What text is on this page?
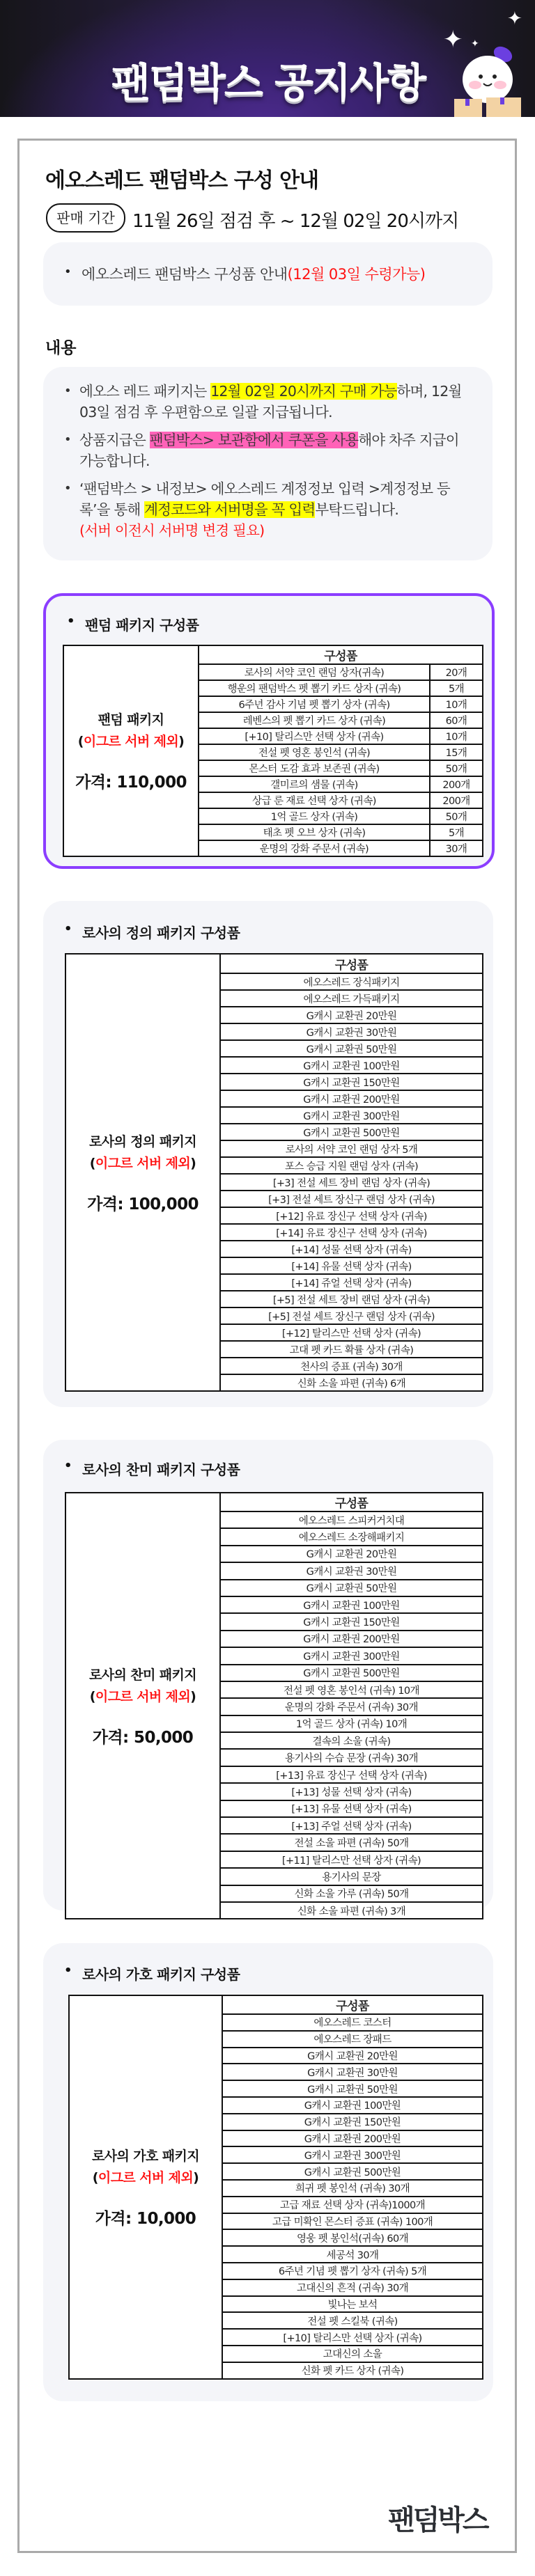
✦
✦ ✦
팬덤박스 공지사항
에오스레드 팬덤박스 구성 안내
판매 기간 11월 26일 점검 후 ~ 12월 02일 20시까지
• 에오스레드 팬덤박스 구성품 안내(12월 03일 수령가능)
내용
• 에오스 레드 패키지는 12월 02일 20시까지 구매 가능하며, 12월 03일 점검 후 우편함으로 일괄 지급됩니다.
• 상품지급은 팬덤박스> 보관함에서 쿠폰을 사용해야 차주 지급이 가능합니다.
• ‘팬덤박스 > 내정보> 에오스레드 계정정보 입력 >계정정보 등록’을 통해 계정코드와 서버명을 꼭 입력부탁드립니다.
(서버 이전시 서버명 변경 필요)
• 팬덤 패키지 구성품
팬덤 패키지
(이그르 서버 제외)
가격: 110,000	구성품	
	로사의 서약 코인 랜덤 상자(귀속)	20개
	행운의 팬덤박스 펫 뽑기 카드 상자 (귀속)	5개
	6주년 감사 기념 펫 뽑기 상자 (귀속)	10개
	레벤스의 펫 뽑기 카드 상자 (귀속)	60개
	[+10] 탈리스만 선택 상자 (귀속)	10개
	전설 펫 영혼 봉인석 (귀속)	15개
	몬스터 도감 효과 보존권 (귀속)	50개
	갤미르의 샘물 (귀속)	200개
	상급 룬 재료 선택 상자 (귀속)	200개
	1억 골드 상자 (귀속)	50개
	태초 펫 오브 상자 (귀속)	5개
	운명의 강화 주문서 (귀속)	30개
• 로사의 정의 패키지 구성품
로사의 정의 패키지
(이그르 서버 제외)
가격: 100,000
	구성품
에오스레드 장식패키지
에오스레드 가득패키지
G캐시 교환권 20만원
G캐시 교환권 30만원
G캐시 교환권 50만원
G캐시 교환권 100만원
G캐시 교환권 150만원
G캐시 교환권 200만원
G캐시 교환권 300만원
G캐시 교환권 500만원
로사의 서약 코인 랜덤 상자 5개
포스 승급 지원 랜덤 상자 (귀속)
[+3] 전설 세트 장비 랜덤 상자 (귀속)
[+3] 전설 세트 장신구 랜덤 상자 (귀속)
[+12] 유료 장신구 선택 상자 (귀속)
[+14] 유료 장신구 선택 상자 (귀속)
[+14] 성물 선택 상자 (귀속)
[+14] 유물 선택 상자 (귀속)
[+14] 쥬얼 선택 상자 (귀속)
[+5] 전설 세트 장비 랜덤 상자 (귀속)
[+5] 전설 세트 장신구 랜덤 상자 (귀속)
[+12] 탈리스만 선택 상자 (귀속)
고대 펫 카드 확률 상자 (귀속)
천사의 증표 (귀속) 30개
신화 소울 파편 (귀속) 6개
• 로사의 찬미 패키지 구성품
로사의 찬미 패키지
(이그르 서버 제외)
가격: 50,000
	구성품
에오스레드 스피커거치대
에오스레드 소장해패키지
G캐시 교환권 20만원
G캐시 교환권 30만원
G캐시 교환권 50만원
G캐시 교환권 100만원
G캐시 교환권 150만원
G캐시 교환권 200만원
G캐시 교환권 300만원
G캐시 교환권 500만원
전설 펫 영혼 봉인석 (귀속) 10개
운명의 강화 주문서 (귀속) 30개
1억 골드 상자 (귀속) 10개
결속의 소울 (귀속)
용기사의 수습 문장 (귀속) 30개
[+13] 유료 장신구 선택 상자 (귀속)
[+13] 성물 선택 상자 (귀속)
[+13] 유물 선택 상자 (귀속)
[+13] 주얼 선택 상자 (귀속)
전설 소울 파편 (귀속) 50개
[+11] 탈리스만 선택 상자 (귀속)
용기사의 문장
신화 소울 가루 (귀속) 50개
신화 소울 파편 (귀속) 3개
• 로사의 가호 패키지 구성품
로사의 가호 패키지
(이그르 서버 제외)
가격: 10,000
	구성품
에오스레드 코스터
에오스레드 장패드
G캐시 교환권 20만원
G캐시 교환권 30만원
G캐시 교환권 50만원
G캐시 교환권 100만원
G캐시 교환권 150만원
G캐시 교환권 200만원
G캐시 교환권 300만원
G캐시 교환권 500만원
희귀 펫 봉인석 (귀속) 30개
고급 재료 선택 상자 (귀속)1000개
고급 미확인 몬스터 증표 (귀속) 100개
영웅 펫 봉인석(귀속) 60개
세공석 30개
6주년 기념 펫 뽑기 상자 (귀속) 5개
고대신의 흔적 (귀속) 30개
빛나는 보석
전설 펫 스킬북 (귀속)
[+10] 탈리스만 선택 상자 (귀속)
고대신의 소울
신화 펫 카드 상자 (귀속)
팬덤박스
